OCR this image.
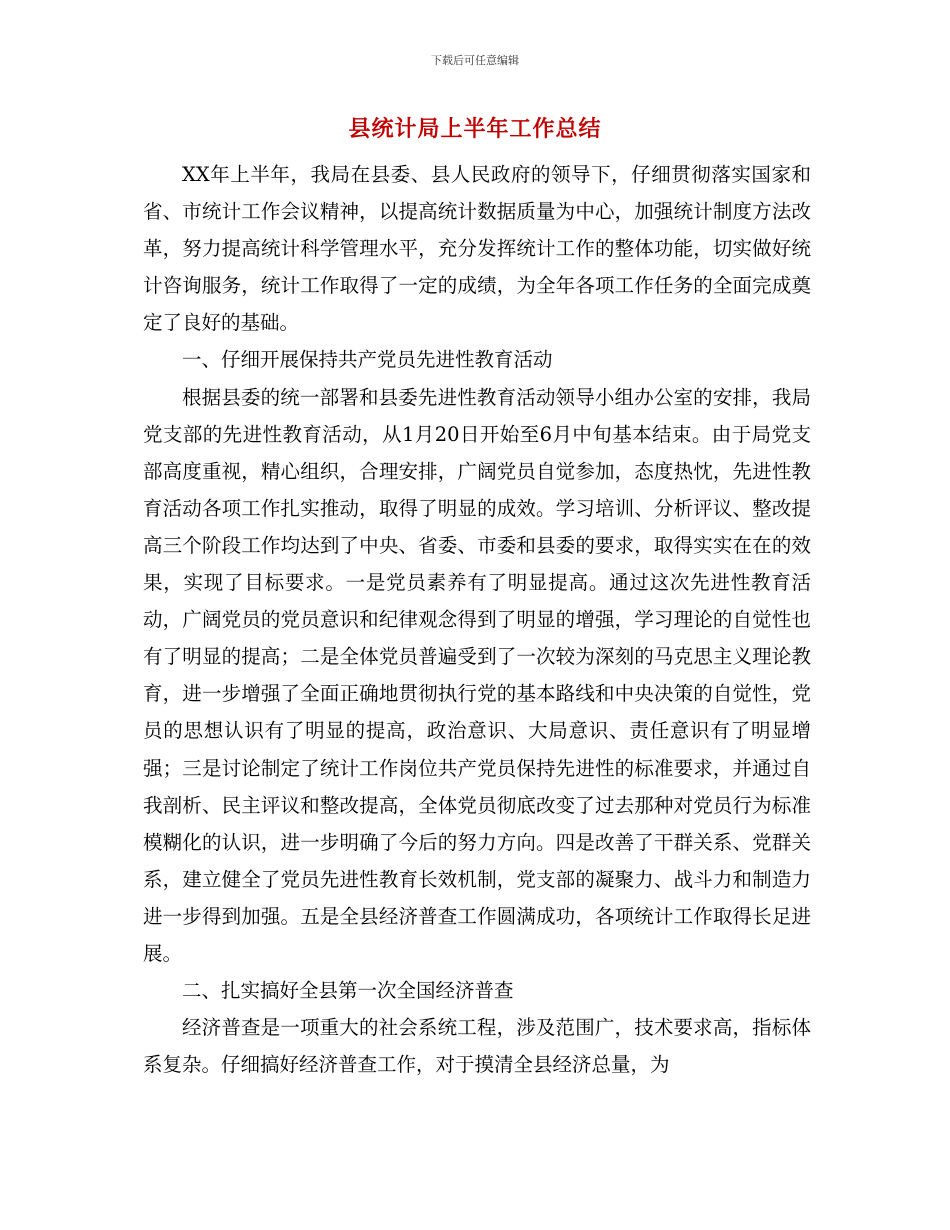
下载后可任意编辑
县统计局上半年工作总结

XX年上半年，我局在县委、县人民政府的领导下，仔细贯彻落实国家和省、市统计工作会议精神，以提高统计数据质量为中心，加强统计制度方法改革，努力提高统计科学管理水平，充分发挥统计工作的整体功能，切实做好统计咨询服务，统计工作取得了一定的成绩，为全年各项工作任务的全面完成奠定了良好的基础。

一、仔细开展保持共产党员先进性教育活动

根据县委的统一部署和县委先进性教育活动领导小组办公室的安排，我局党支部的先进性教育活动，从1月20日开始至6月中旬基本结束。由于局党支部高度重视，精心组织，合理安排，广阔党员自觉参加，态度热忱，先进性教育活动各项工作扎实推动，取得了明显的成效。学习培训、分析评议、整改提高三个阶段工作均达到了中央、省委、市委和县委的要求，取得实实在在的效果，实现了目标要求。一是党员素养有了明显提高。通过这次先进性教育活动，广阔党员的党员意识和纪律观念得到了明显的增强，学习理论的自觉性也有了明显的提高；二是全体党员普遍受到了一次较为深刻的马克思主义理论教育，进一步增强了全面正确地贯彻执行党的基本路线和中央决策的自觉性，党员的思想认识有了明显的提高，政治意识、大局意识、责任意识有了明显增强；三是讨论制定了统计工作岗位共产党员保持先进性的标准要求，并通过自我剖析、民主评议和整改提高，全体党员彻底改变了过去那种对党员行为标准模糊化的认识，进一步明确了今后的努力方向。四是改善了干群关系、党群关系，建立健全了党员先进性教育长效机制，党支部的凝聚力、战斗力和制造力进一步得到加强。五是全县经济普查工作圆满成功，各项统计工作取得长足进展。

二、扎实搞好全县第一次全国经济普查

经济普查是一项重大的社会系统工程，涉及范围广，技术要求高，指标体系复杂。仔细搞好经济普查工作，对于摸清全县经济总量，为
